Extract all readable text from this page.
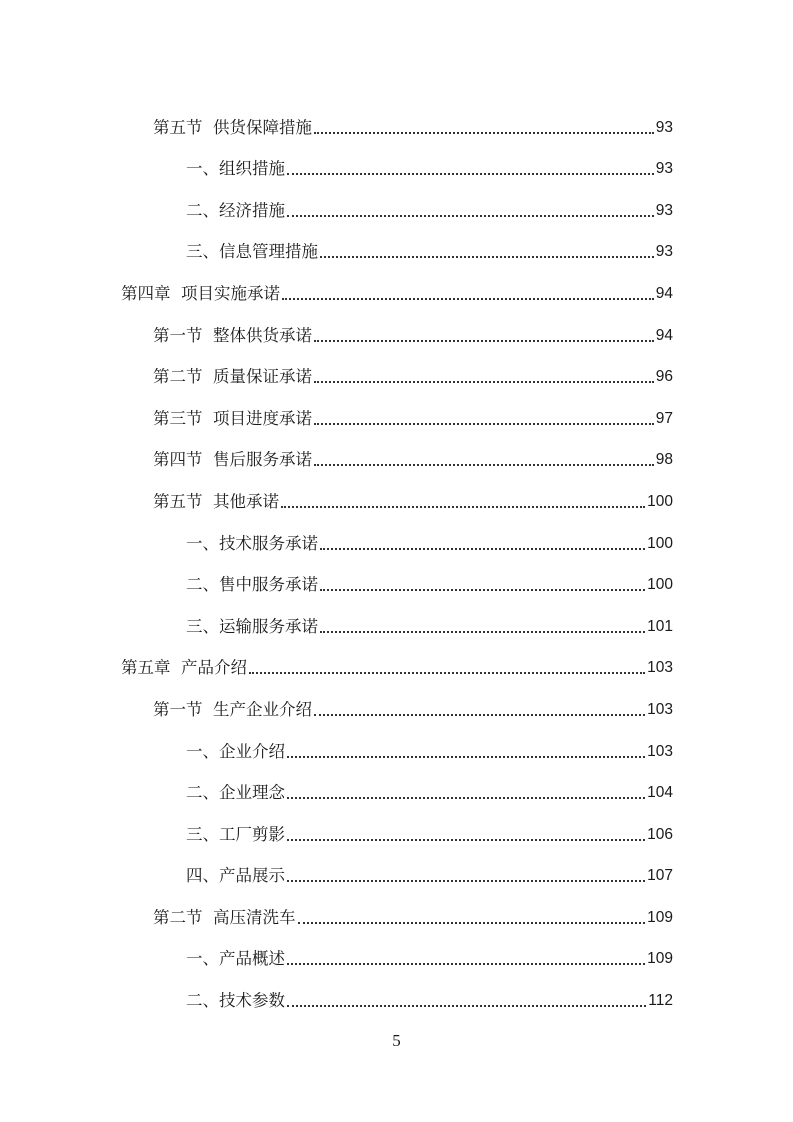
第五节  供货保障措施	93
一、组织措施	93
二、经济措施	93
三、信息管理措施	93
第四章  项目实施承诺	94
第一节  整体供货承诺	94
第二节  质量保证承诺	96
第三节  项目进度承诺	97
第四节  售后服务承诺	98
第五节  其他承诺	100
一、技术服务承诺	100
二、售中服务承诺	100
三、运输服务承诺	101
第五章  产品介绍	103
第一节  生产企业介绍	103
一、企业介绍	103
二、企业理念	104
三、工厂剪影	106
四、产品展示	107
第二节  高压清洗车	109
一、产品概述	109
二、技术参数	112
5
